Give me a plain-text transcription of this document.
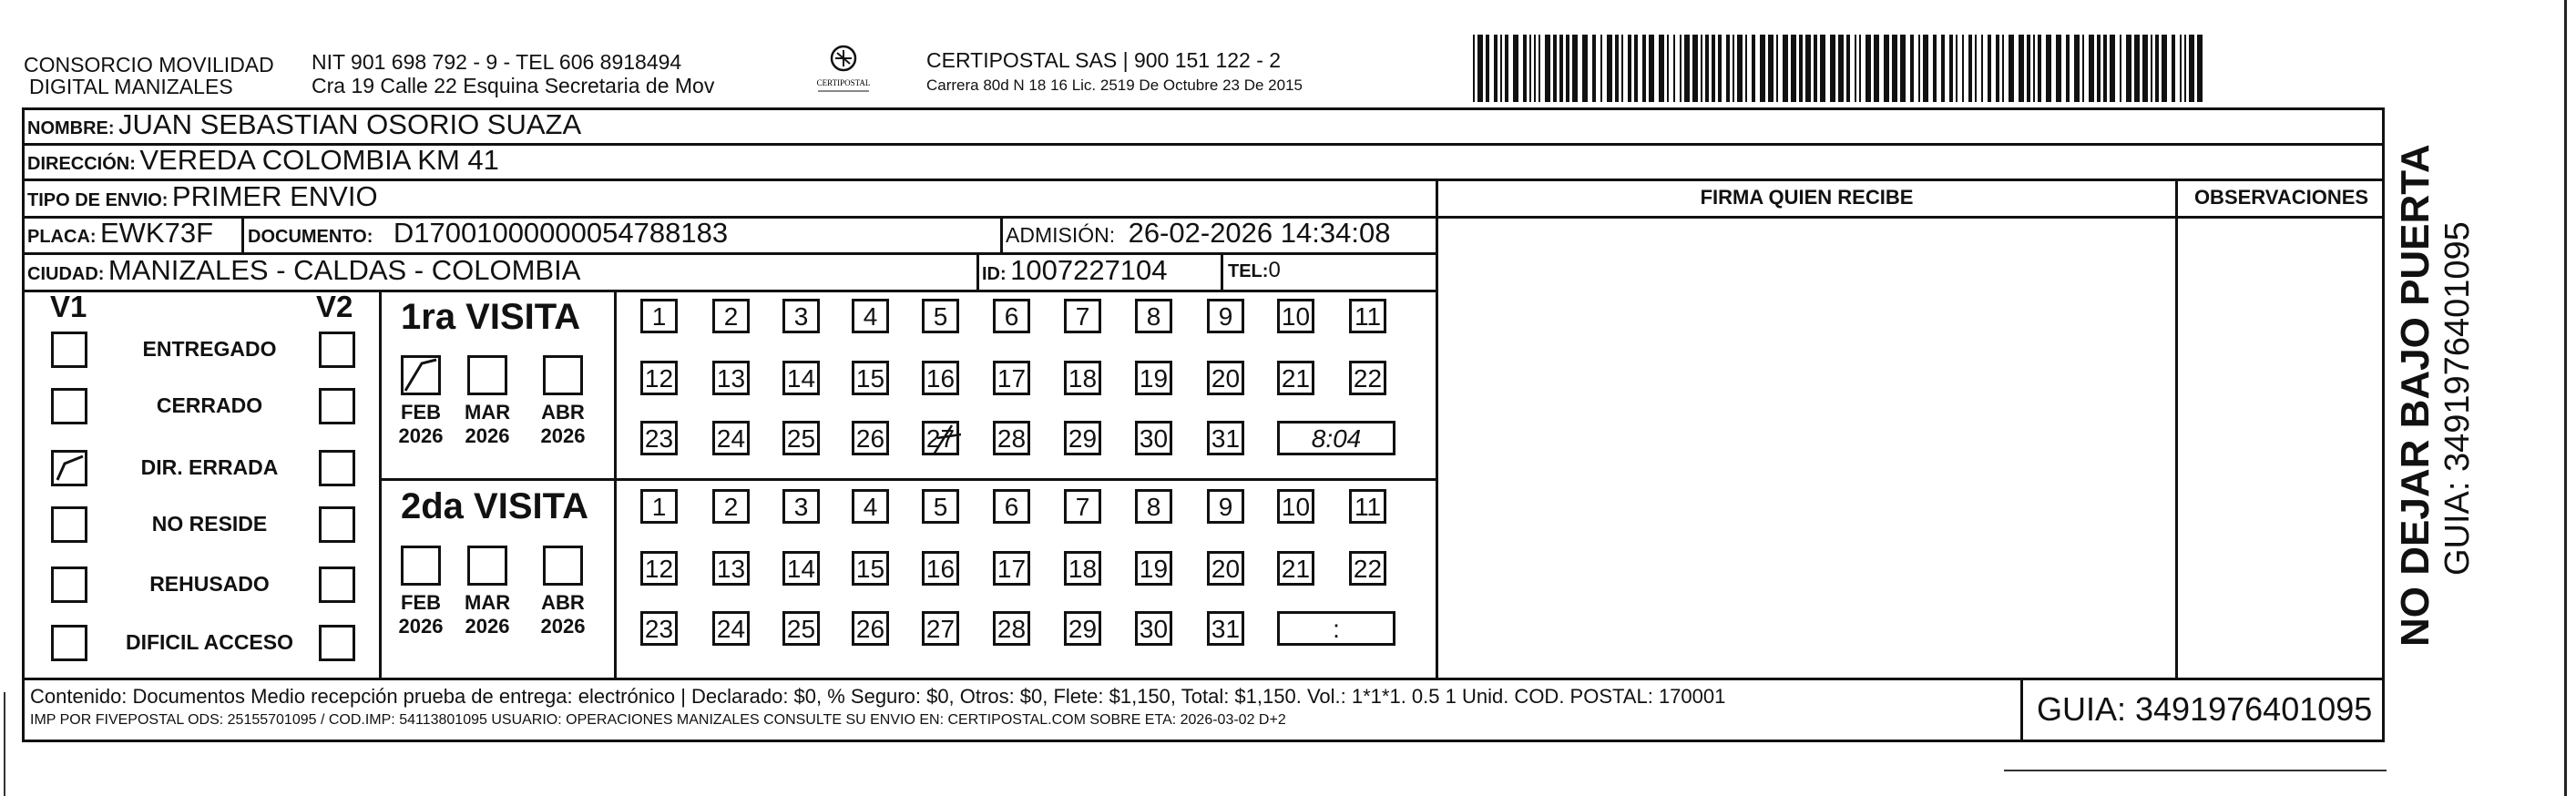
CONSORCIO MOVILIDAD
DIGITAL MANIZALES
NIT 901 698 792 - 9 - TEL 606 8918494
Cra 19 Calle 22 Esquina Secretaria de Mov	CERTIPOSTAL
CERTIPOSTAL SAS | 900 151 122 - 2
Carrera 80d N 18 16 Lic. 2519 De Octubre 23 De 2015
NOMBRE: JUAN SEBASTIAN OSORIO SUAZA
DIRECCIÓN: VEREDA COLOMBIA KM 41
TIPO DE ENVIO: PRIMER ENVIO
PLACA: EWK73F DOCUMENTO: D17001000000054788183	ADMISIÓN: 26-02-2026 14:34:08
CIUDAD: MANIZALES - CALDAS - COLOMBIA	ID: 1007227104	TEL:0
FIRMA QUIEN RECIBE	OBSERVACIONES
V1	V2
ENTREGADO
CERRADO
DIR. ERRADA
NO RESIDE
REHUSADO
DIFICIL ACCESO
1ra VISITA
2da VISITA
FEB
2026
MAR
2026
ABR
2026
1	2	3	4	5	6	7	8	9	10 11
12 13 14 15 16 17 18 19 20 21 22
23 24 25 26 27 28 29 30 31	8:04
FEB
2026
MAR
2026
ABR
2026
1	2	3	4	5	6	7	8	9	10 11
12 13 14 15 16 17 18 19 20 21 22
23 24 25 26 27 28 29 30 31	:
Contenido: Documentos Medio recepción prueba de entrega: electrónico | Declarado: $0, % Seguro: $0, Otros: $0, Flete: $1,150, Total: $1,150. Vol.: 1*1*1. 0.5 1 Unid. COD. POSTAL: 170001
IMP POR FIVEPOSTAL ODS: 25155701095 / COD.IMP: 54113801095 USUARIO: OPERACIONES MANIZALES CONSULTE SU ENVIO EN: CERTIPOSTAL.COM SOBRE ETA: 2026-03-02 D+2	GUIA: 3491976401095
NO DEJAR BAJO PUERTA GUIA: 3491976401095
